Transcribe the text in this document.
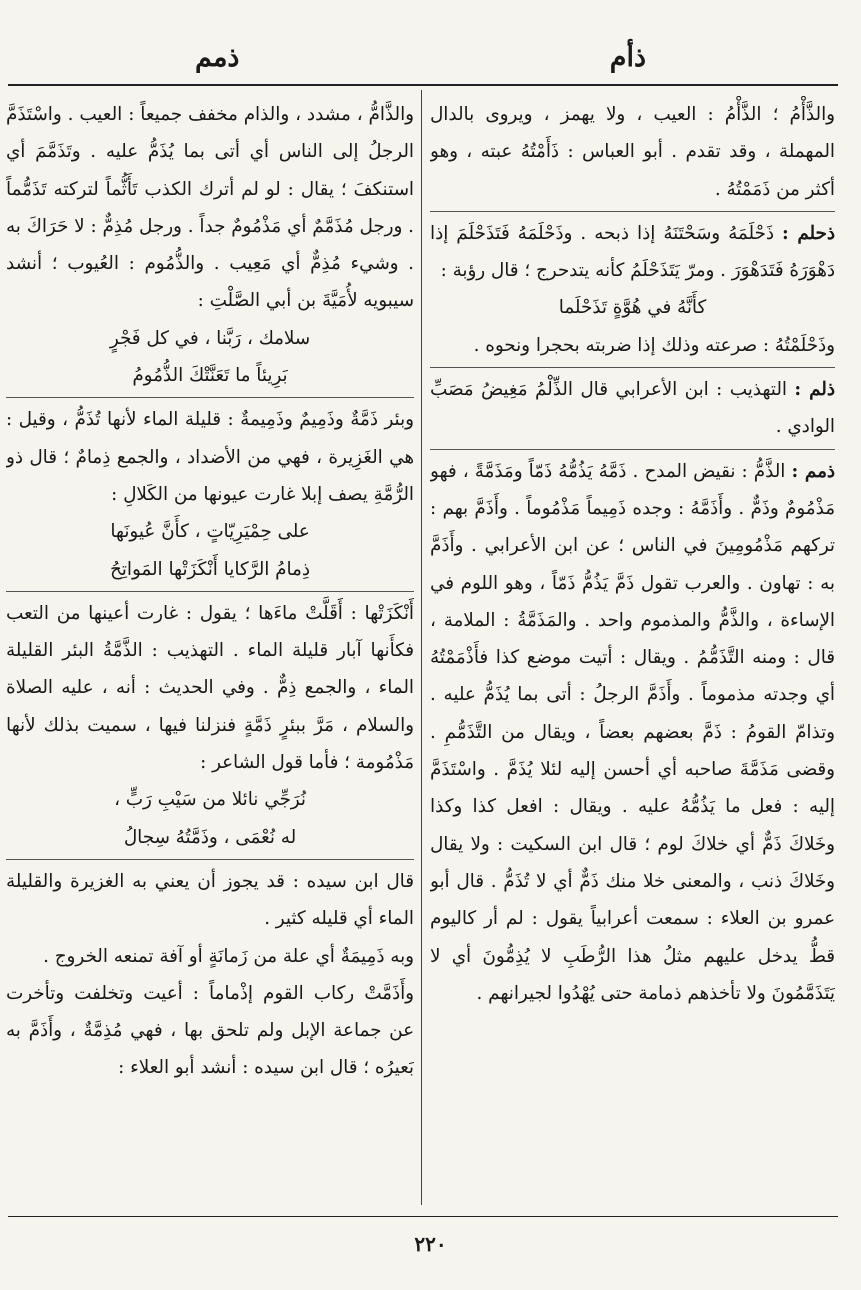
ذأم
ذمم

والذَّأْمُ ؛ الذَّأْمُ : العيب ، ولا يهمز ، ويروى بالدال المهملة ، وقد تقدم . أبو العباس : ذَأَمْتُهُ عبته ، وهو أكثر من ذَمَمْتُهُ .

ذحلم : ذَحْلَمَهُ وسَحْتَنَهُ إذا ذبحه . وذَحْلَمَهُ فَتَذَحْلَمَ إذا دَهْوَرَهُ فَتَدَهْوَرَ . ومرّ يَتَذَحْلَمُ كأنه يتدحرج ؛ قال رؤبة :

كأَنَّهُ في هُوَّةٍ تَذَحْلَما

وذَحْلَمْتُهُ : صرعته وذلك إذا ضربته بحجرا ونحوه .

ذلم : التهذيب : ابن الأعرابي قال الذِّلْمُ مَغِيضُ مَصَبِّ الوادي .

ذمم : الذَّمُّ : نقيض المدح . ذَمَّهُ يَذُمُّهُ ذَمّاً ومَذَمَّةً ، فهو مَذْمُومٌ وذَمٌّ . وأَذَمَّهُ : وجده ذَمِيماً مَذْمُوماً . وأَذَمَّ بهم : تركهم مَذْمُومِينَ في الناس ؛ عن ابن الأعرابي . وأَذَمَّ به : تهاون . والعرب تقول ذَمَّ يَذُمُّ ذَمّاً ، وهو اللوم في الإساءة ، والذَّمُّ والمذموم واحد . والمَذَمَّةُ : الملامة ، قال : ومنه التَّذَمُّمُ . ويقال : أتيت موضع كذا فأَذْمَمْتُهُ أي وجدته مذموماً . وأَذَمَّ الرجلُ : أتى بما يُذَمُّ عليه . وتذامّ القومُ : ذَمَّ بعضهم بعضاً ، ويقال من التَّذَمُّمِ . وقضى مَذَمَّةَ صاحبه أي أحسن إليه لئلا يُذَمَّ . واسْتَذَمَّ إليه : فعل ما يَذُمُّهُ عليه . ويقال : افعل كذا وكذا وخَلاكَ ذَمٌّ أي خلاكَ لوم ؛ قال ابن السكيت : ولا يقال وخَلاكَ ذنب ، والمعنى خلا منك ذَمٌّ أي لا تُذَمُّ . قال أبو عمرو بن العلاء : سمعت أعرابياً يقول : لم أر كاليوم قطُّ يدخل عليهم مثلُ هذا الرُّطَبِ لا يُذِمُّونَ أي لا يَتَذَمَّمُونَ ولا تأخذهم ذمامة حتى يُهْدُوا لجيرانهم .

والذَّامُّ ، مشدد ، والذام مخفف جميعاً : العيب . واسْتَذَمَّ الرجلُ إلى الناس أي أتى بما يُذَمُّ عليه . وتَذَمَّمَ أي استنكفَ ؛ يقال : لو لم أترك الكذب تَأَثُّماً لتركته تَذَمُّماً . ورجل مُذَمَّمٌ أي مَذْمُومٌ جداً . ورجل مُذِمٌّ : لا حَرَاكَ به . وشيء مُذِمٌّ أي مَعِيب . والذُّمُوم : العُيوب ؛ أنشد سيبويه لأُمَيَّةَ بن أبي الصَّلْتِ :

سلامك ، رَبَّنا ، في كل فَجْرٍ

بَرِيئاً ما تَعَنَّتْكَ الذُّمُومُ

وبئر ذَمَّةٌ وذَمِيمٌ وذَمِيمةٌ : قليلة الماء لأنها تُذَمُّ ، وقيل : هي الغَزِيرة ، فهي من الأضداد ، والجمع ذِمامٌ ؛ قال ذو الرُّمَّةِ يصف إبلا غارت عيونها من الكَلالِ :

على حِمْيَرِيّاتٍ ، كأَنَّ عُيونَها

ذِمامُ الرَّكايا أَنْكَزَتْها المَواتِحُ

أَنْكَزَتْها : أَقَلَّتْ ماءَها ؛ يقول : غارت أعينها من التعب فكأَنها آبار قليلة الماء . التهذيب : الذَّمَّةُ البئر القليلة الماء ، والجمع ذِمٌّ . وفي الحديث : أنه ، عليه الصلاة والسلام ، مَرَّ ببئرٍ ذَمَّةٍ فنزلنا فيها ، سميت بذلك لأنها مَذْمُومة ؛ فأما قول الشاعر :

نُرَجِّي نائلا من سَيْبِ رَبٍّ ،

له نُعْمَى ، وذَمَّتُهُ سِجالُ

قال ابن سيده : قد يجوز أن يعني به الغزيرة والقليلة الماء أي قليله كثير .

وبه ذَمِيمَةٌ أي علة من زَمانَةٍ أو آفة تمنعه الخروج .

وأَذَمَّتْ ركاب القوم إذْماماً : أعيت وتخلفت وتأخرت عن جماعة الإبل ولم تلحق بها ، فهي مُذِمَّةٌ ، وأَذَمَّ به بَعيرُه ؛ قال ابن سيده : أنشد أبو العلاء :

٢٢٠
